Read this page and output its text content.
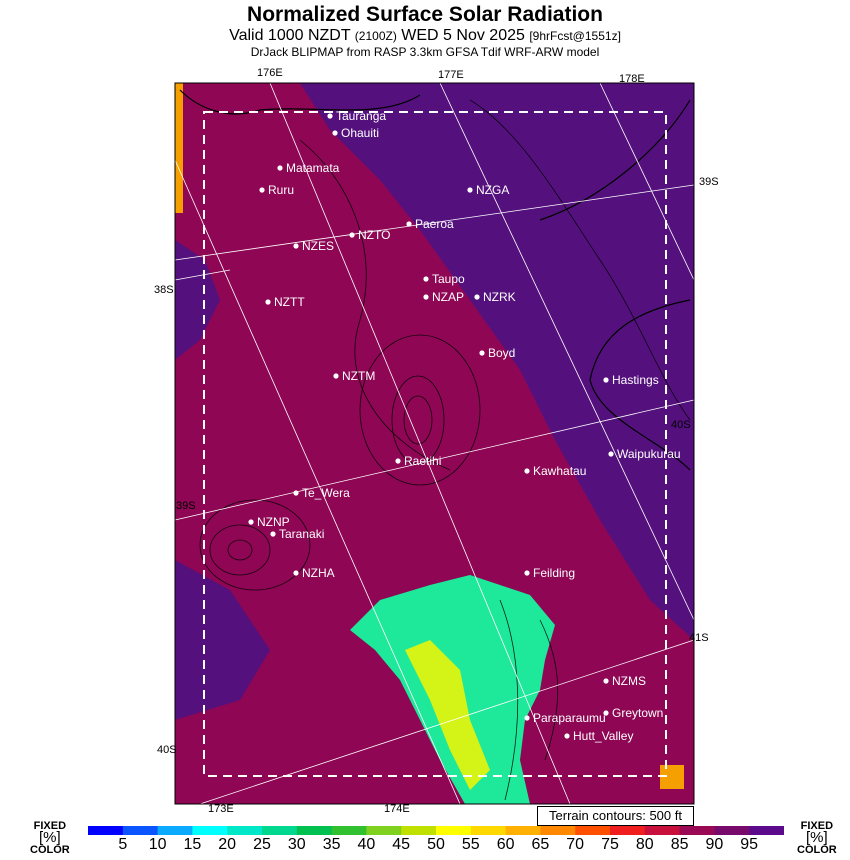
Normalized Surface Solar Radiation
Valid 1000 NZDT (2100Z) WED 5 Nov 2025 [9hrFcst@1551z]
DrJack BLIPMAP from RASP 3.3km GFSA Tdif WRF-ARW model
Tauranga
Ohauiti
Matamata
Ruru	NZGA
Paeroa
NZTO
NZES
Taupo
NZAP NZRK
NZTT
Boyd
NZTM	Hastings
Waipukurau
Raetihi
Kawhatau
Te_Wera
NZNP
Taranaki
NZHA	Feilding
NZMS
Greytown
Paraparaumu
Hutt_Valley
176E	177E	178E
173E	174E
38S
39S
39S
40S
41S
40S
Terrain contours: 500 ft
FIXED
[%]
COLOR
FIXED
[%]
COLOR
5	10	15	20	25	30	35	40	45	50	55	60	65	70	75	80	85	90	95
